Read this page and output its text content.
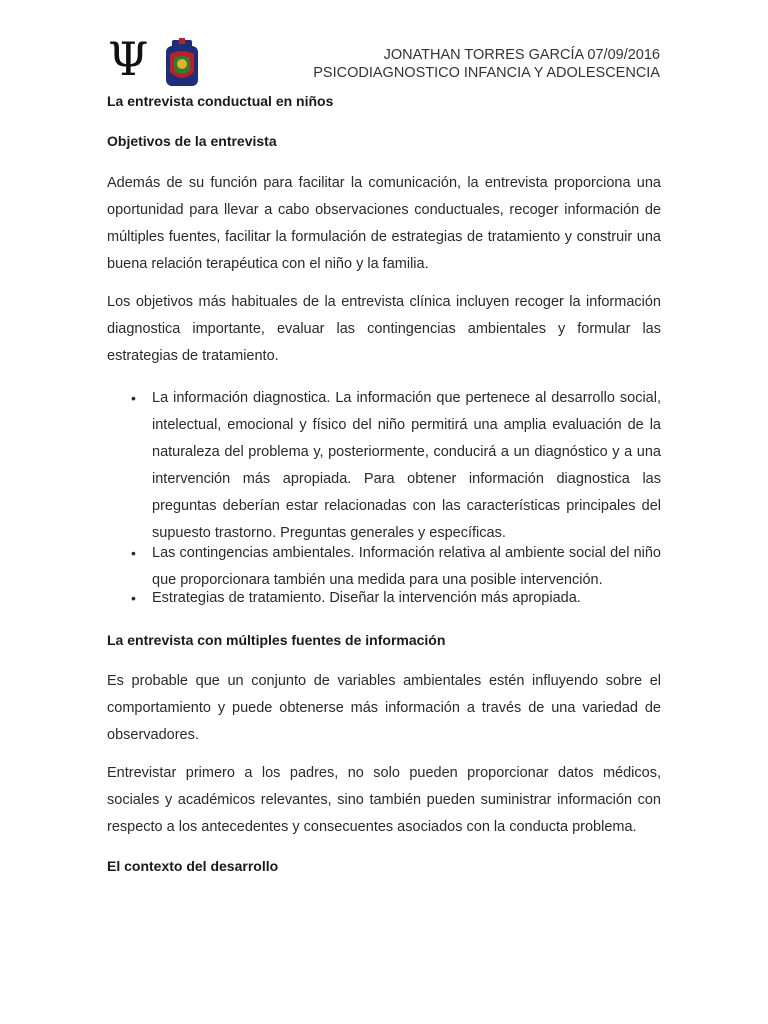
Ψ	JONATHAN TORRES GARCÍA 07/09/2016
PSICODIAGNOSTICO INFANCIA Y ADOLESCENCIA
La entrevista conductual en niños
Objetivos de la entrevista

Además de su función para facilitar la comunicación, la entrevista proporciona una oportunidad para llevar a cabo observaciones conductuales, recoger información de múltiples fuentes, facilitar la formulación de estrategias de tratamiento y construir una buena relación terapéutica con el niño y la familia.

Los objetivos más habituales de la entrevista clínica incluyen recoger la información diagnostica importante, evaluar las contingencias ambientales y formular las estrategias de tratamiento.

• La información diagnostica. La información que pertenece al desarrollo social, intelectual, emocional y físico del niño permitirá una amplia evaluación de la naturaleza del problema y, posteriormente, conducirá a un diagnóstico y a una intervención más apropiada. Para obtener información diagnostica las preguntas deberían estar relacionadas con las características principales del supuesto trastorno. Preguntas generales y específicas.
• Las contingencias ambientales. Información relativa al ambiente social del niño que proporcionara también una medida para una posible intervención.
• Estrategias de tratamiento. Diseñar la intervención más apropiada.
La entrevista con múltiples fuentes de información

Es probable que un conjunto de variables ambientales estén influyendo sobre el comportamiento y puede obtenerse más información a través de una variedad de observadores.

Entrevistar primero a los padres, no solo pueden proporcionar datos médicos, sociales y académicos relevantes, sino también pueden suministrar información con respecto a los antecedentes y consecuentes asociados con la conducta problema.

El contexto del desarrollo
